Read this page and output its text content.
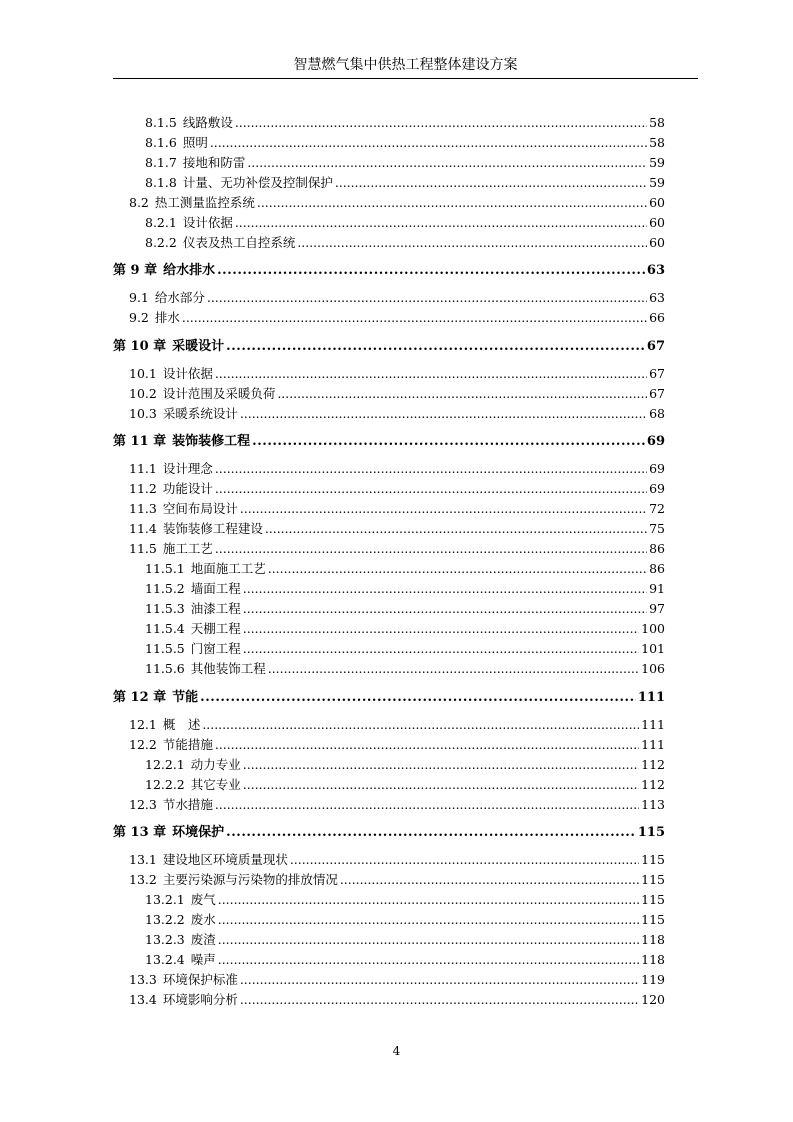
智慧燃气集中供热工程整体建设方案
8.1.5 线路敷设 . . .	58
8.1.6 照明 . . .	58
8.1.7 接地和防雷 . . .	59
8.1.8 计量、无功补偿及控制保护 . . .	59
8.2 热工测量监控系统 . . .	60
8.2.1 设计依据 . . .	60
8.2.2 仪表及热工自控系统 . . .	60
第 9 章 给水排水 . . .	63
9.1 给水部分 . . .	63
9.2 排水 . . .	66
第 10 章 采暖设计 . . .	67
10.1 设计依据 . . .	67
10.2 设计范围及采暖负荷 . . .	67
10.3 采暖系统设计 . . .	68
第 11 章 装饰装修工程 . . .	69
11.1 设计理念 . . .	69
11.2 功能设计 . . .	69
11.3 空间布局设计 . . .	72
11.4 装饰装修工程建设 . . .	75
11.5 施工工艺 . . .	86
11.5.1 地面施工工艺 . . .	86
11.5.2 墙面工程 . . .	91
11.5.3 油漆工程 . . .	97
11.5.4 天棚工程 . . .	100
11.5.5 门窗工程 . . .	101
11.5.6 其他装饰工程 . . .	106
第 12 章 节能 . . .	111
12.1 概　述 . . .	111
12.2 节能措施 . . .	111
12.2.1 动力专业 . . .	112
12.2.2 其它专业 . . .	112
12.3 节水措施 . . .	113
第 13 章 环境保护 . . .	115
13.1 建设地区环境质量现状 . . .	115
13.2 主要污染源与污染物的排放情况 . . .	115
13.2.1 废气 . . .	115
13.2.2 废水 . . .	115
13.2.3 废渣 . . .	118
13.2.4 噪声 . . .	118
13.3 环境保护标准 . . .	119
13.4 环境影响分析 . . .	120
4
